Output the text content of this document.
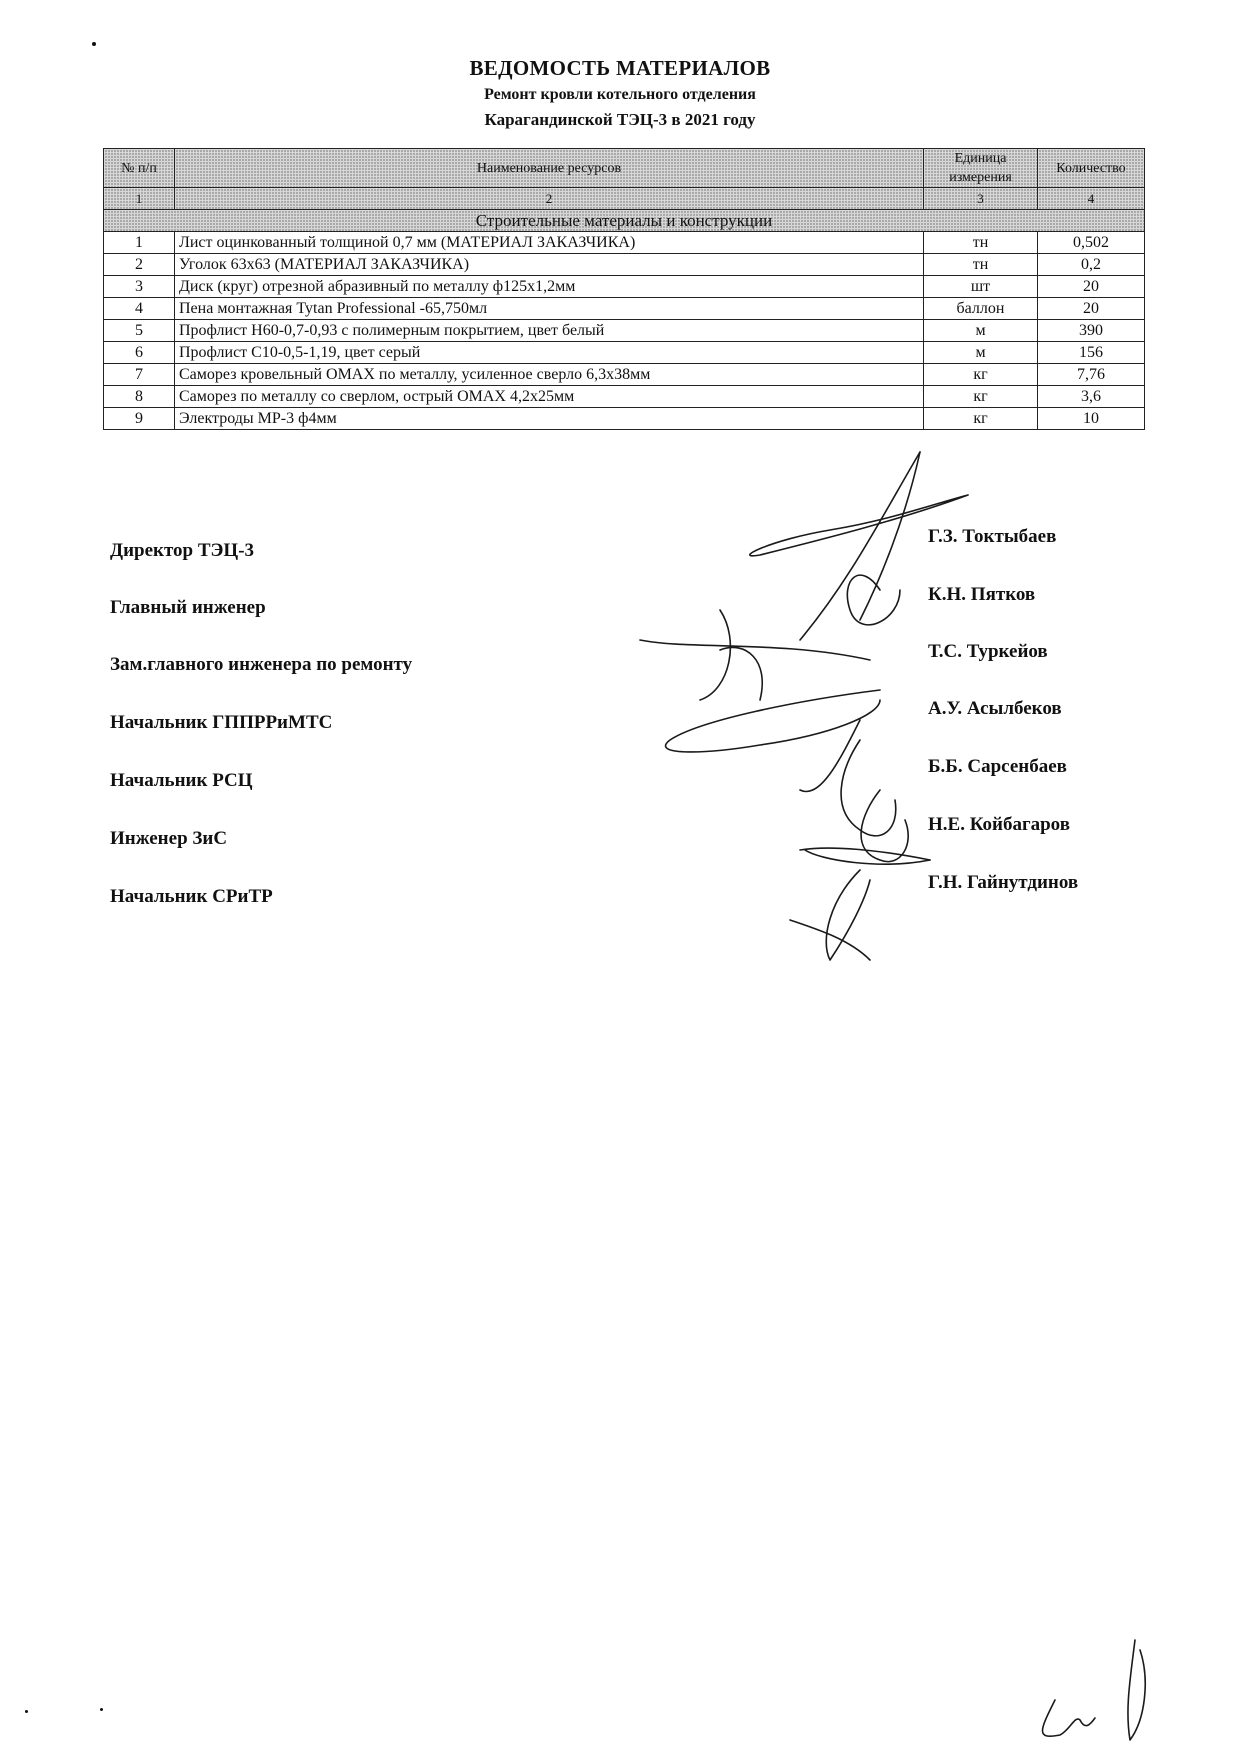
ВЕДОМОСТЬ МАТЕРИАЛОВ
Ремонт кровли котельного отделения
Карагандинской ТЭЦ-3 в 2021 году
№ п/п	Наименование ресурсов	Единица измерения	Количество
1	2	3	4
Строительные материалы и конструкции			
1	Лист оцинкованный толщиной 0,7 мм (МАТЕРИАЛ ЗАКАЗЧИКА)	тн	0,502
2	Уголок 63х63 (МАТЕРИАЛ ЗАКАЗЧИКА)	тн	0,2
3	Диск (круг) отрезной абразивный по металлу ф125х1,2мм	шт	20
4	Пена монтажная Tytan Professional -65,750мл	баллон	20
5	Профлист Н60-0,7-0,93 с полимерным покрытием, цвет белый	м	390
6	Профлист С10-0,5-1,19, цвет серый	м	156
7	Саморез кровельный OMAX по металлу, усиленное сверло 6,3х38мм	кг	7,76
8	Саморез по металлу со сверлом, острый OMAX 4,2х25мм	кг	3,6
9	Электроды МР-3 ф4мм	кг	10
Директор ТЭЦ-3
Г.З. Токтыбаев
Главный инженер
К.Н. Пятков
Зам.главного инженера по ремонту
Т.С. Туркейов
Начальник ГППРРиМТС
А.У. Асылбеков
Начальник РСЦ
Б.Б. Сарсенбаев
Инженер ЗиС
Н.Е. Койбагаров
Начальник СРиТР
Г.Н. Гайнутдинов
